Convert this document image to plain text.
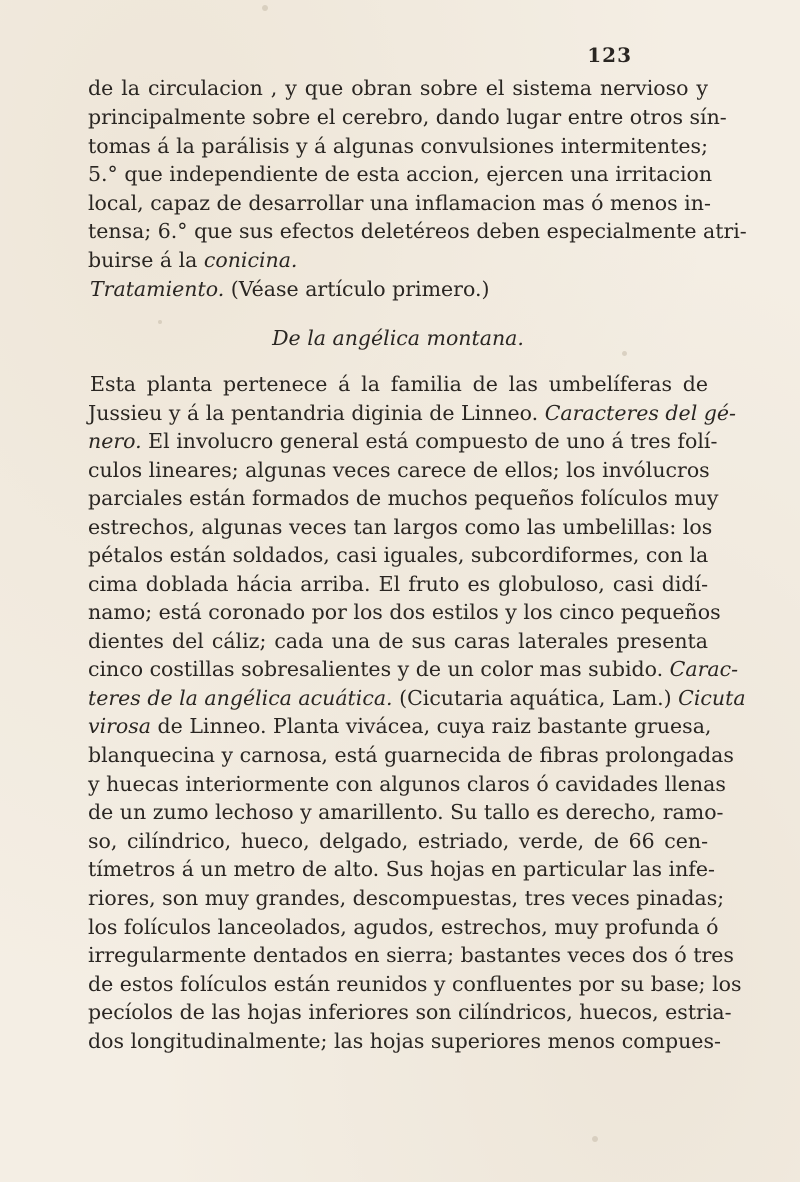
123
de la circulacion , y que obran sobre el sistema nervioso y
principalmente sobre el cerebro, dando lugar entre otros sín-
tomas á la parálisis y á algunas convulsiones intermitentes;
5.° que independiente de esta accion, ejercen una irritacion
local, capaz de desarrollar una inflamacion mas ó menos in-
tensa; 6.° que sus efectos deletéreos deben especialmente atri-
buirse á la conicina.
Tratamiento. (Véase artículo primero.)
De la angélica montana.
Esta planta pertenece á la familia de las umbelíferas de
Jussieu y á la pentandria diginia de Linneo. Caracteres del gé-
nero. El involucro general está compuesto de uno á tres folí-
culos lineares; algunas veces carece de ellos; los invólucros
parciales están formados de muchos pequeños folículos muy
estrechos, algunas veces tan largos como las umbelillas: los
pétalos están soldados, casi iguales, subcordiformes, con la
cima doblada hácia arriba. El fruto es globuloso, casi didí-
namo; está coronado por los dos estilos y los cinco pequeños
dientes del cáliz; cada una de sus caras laterales presenta
cinco costillas sobresalientes y de un color mas subido. Carac-
teres de la angélica acuática. (Cicutaria aquática, Lam.) Cicuta
virosa de Linneo. Planta vivácea, cuya raiz bastante gruesa,
blanquecina y carnosa, está guarnecida de fibras prolongadas
y huecas interiormente con algunos claros ó cavidades llenas
de un zumo lechoso y amarillento. Su tallo es derecho, ramo-
so, cilíndrico, hueco, delgado, estriado, verde, de 66 cen-
tímetros á un metro de alto. Sus hojas en particular las infe-
riores, son muy grandes, descompuestas, tres veces pinadas;
los folículos lanceolados, agudos, estrechos, muy profunda ó
irregularmente dentados en sierra; bastantes veces dos ó tres
de estos folículos están reunidos y confluentes por su base; los
pecíolos de las hojas inferiores son cilíndricos, huecos, estria-
dos longitudinalmente; las hojas superiores menos compues-
